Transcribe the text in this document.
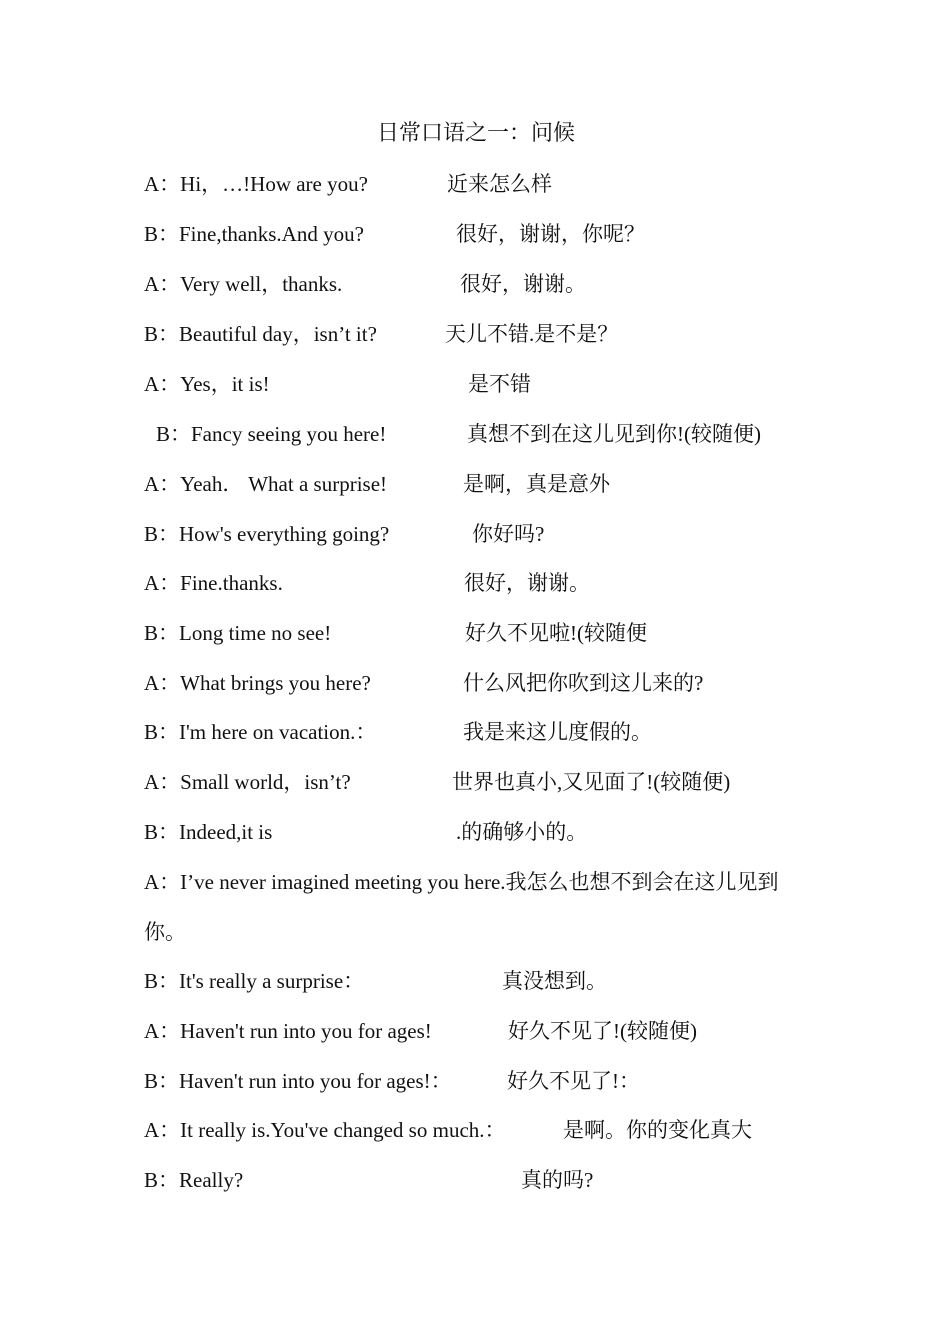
日常口语之一：问候
A：Hi，…!How are you?	近来怎么样
B：Fine,thanks.And you?	很好，谢谢，你呢？
A：Very well，thanks.	很好，谢谢。
B：Beautiful day，isn’t it?	天儿不错.是不是？
A：Yes，it is!	是不错
B：Fancy seeing you here!	真想不到在这儿见到你!(较随便)
A：Yeah． What a surprise!	是啊，真是意外
B：How's everything going?	你好吗?
A：Fine.thanks.	很好，谢谢。
B：Long time no see!	好久不见啦!(较随便
A：What brings you here?	什么风把你吹到这儿来的?
B：I'm here on vacation.：	我是来这儿度假的。
A：Small world，isn’t?	世界也真小,又见面了!(较随便)
B：Indeed,it is	.的确够小的。
A：I’ve never imagined meeting you here.我怎么也想不到会在这儿见到你。
B：It's really a surprise：	真没想到。
A：Haven't run into you for ages!	好久不见了!(较随便)
B：Haven't run into you for ages!：	好久不见了!：
A：It really is.You've changed so much.：	是啊。你的变化真大
B：Really?	真的吗?
